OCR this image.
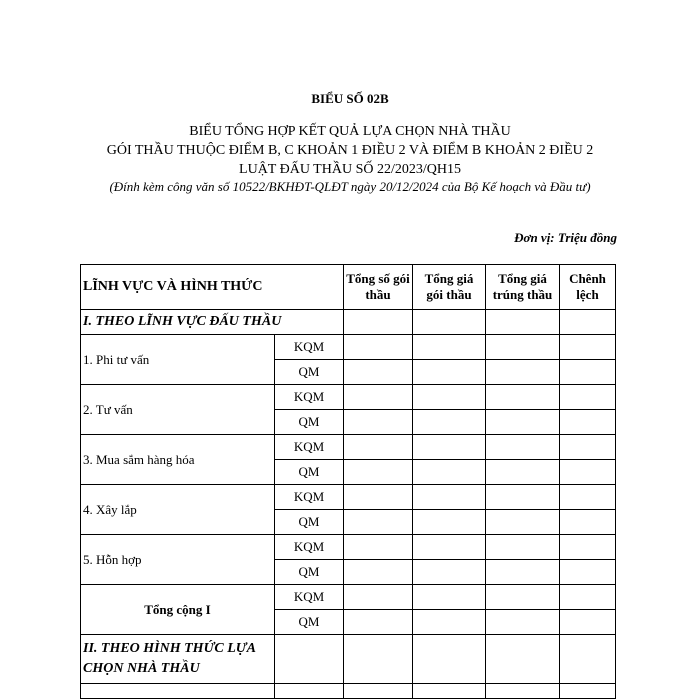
BIỂU SỐ 02B
BIỂU TỔNG HỢP KẾT QUẢ LỰA CHỌN NHÀ THẦU
GÓI THẦU THUỘC ĐIỂM B, C KHOẢN 1 ĐIỀU 2 VÀ ĐIỂM B KHOẢN 2 ĐIỀU 2
LUẬT ĐẤU THẦU SỐ 22/2023/QH15
(Đính kèm công văn số 10522/BKHĐT-QLĐT ngày 20/12/2024 của Bộ Kế hoạch và Đầu tư)
Đơn vị: Triệu đồng
LĨNH VỰC VÀ HÌNH THỨC		Tổng số gói thầu	Tổng giá gói thầu	Tổng giá trúng thầu	Chênh lệch
I. THEO LĨNH VỰC ĐẤU THẦU					
1. Phi tư vấn	KQM				
	QM				
2. Tư vấn	KQM				
	QM				
3. Mua sắm hàng hóa	KQM				
	QM				
4. Xây lắp	KQM				
	QM				
5. Hỗn hợp	KQM				
	QM				
Tổng cộng I	KQM				
	QM				
II. THEO HÌNH THỨC LỰA CHỌN NHÀ THẦU					
